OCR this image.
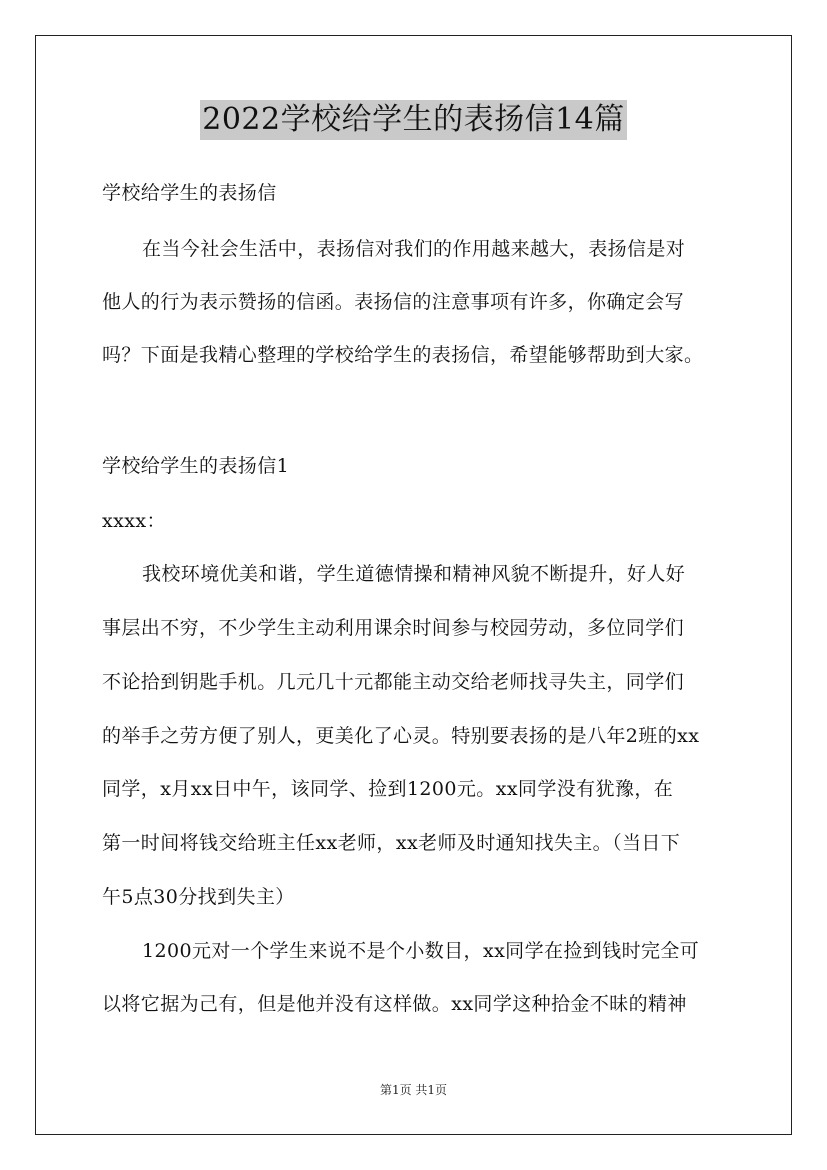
2022学校给学生的表扬信14篇
学校给学生的表扬信
在当今社会生活中，表扬信对我们的作用越来越大，表扬信是对
他人的行为表示赞扬的信函。表扬信的注意事项有许多，你确定会写
吗？下面是我精心整理的学校给学生的表扬信，希望能够帮助到大家。
学校给学生的表扬信1
xxxx：
我校环境优美和谐，学生道德情操和精神风貌不断提升，好人好
事层出不穷，不少学生主动利用课余时间参与校园劳动，多位同学们
不论拾到钥匙手机。几元几十元都能主动交给老师找寻失主，同学们
的举手之劳方便了别人，更美化了心灵。特别要表扬的是八年2班的xx
同学，x月xx日中午，该同学、捡到1200元。xx同学没有犹豫，在
第一时间将钱交给班主任xx老师，xx老师及时通知找失主。（当日下
午5点30分找到失主）
1200元对一个学生来说不是个小数目，xx同学在捡到钱时完全可
以将它据为己有，但是他并没有这样做。xx同学这种拾金不昧的精神
第1页 共1页
